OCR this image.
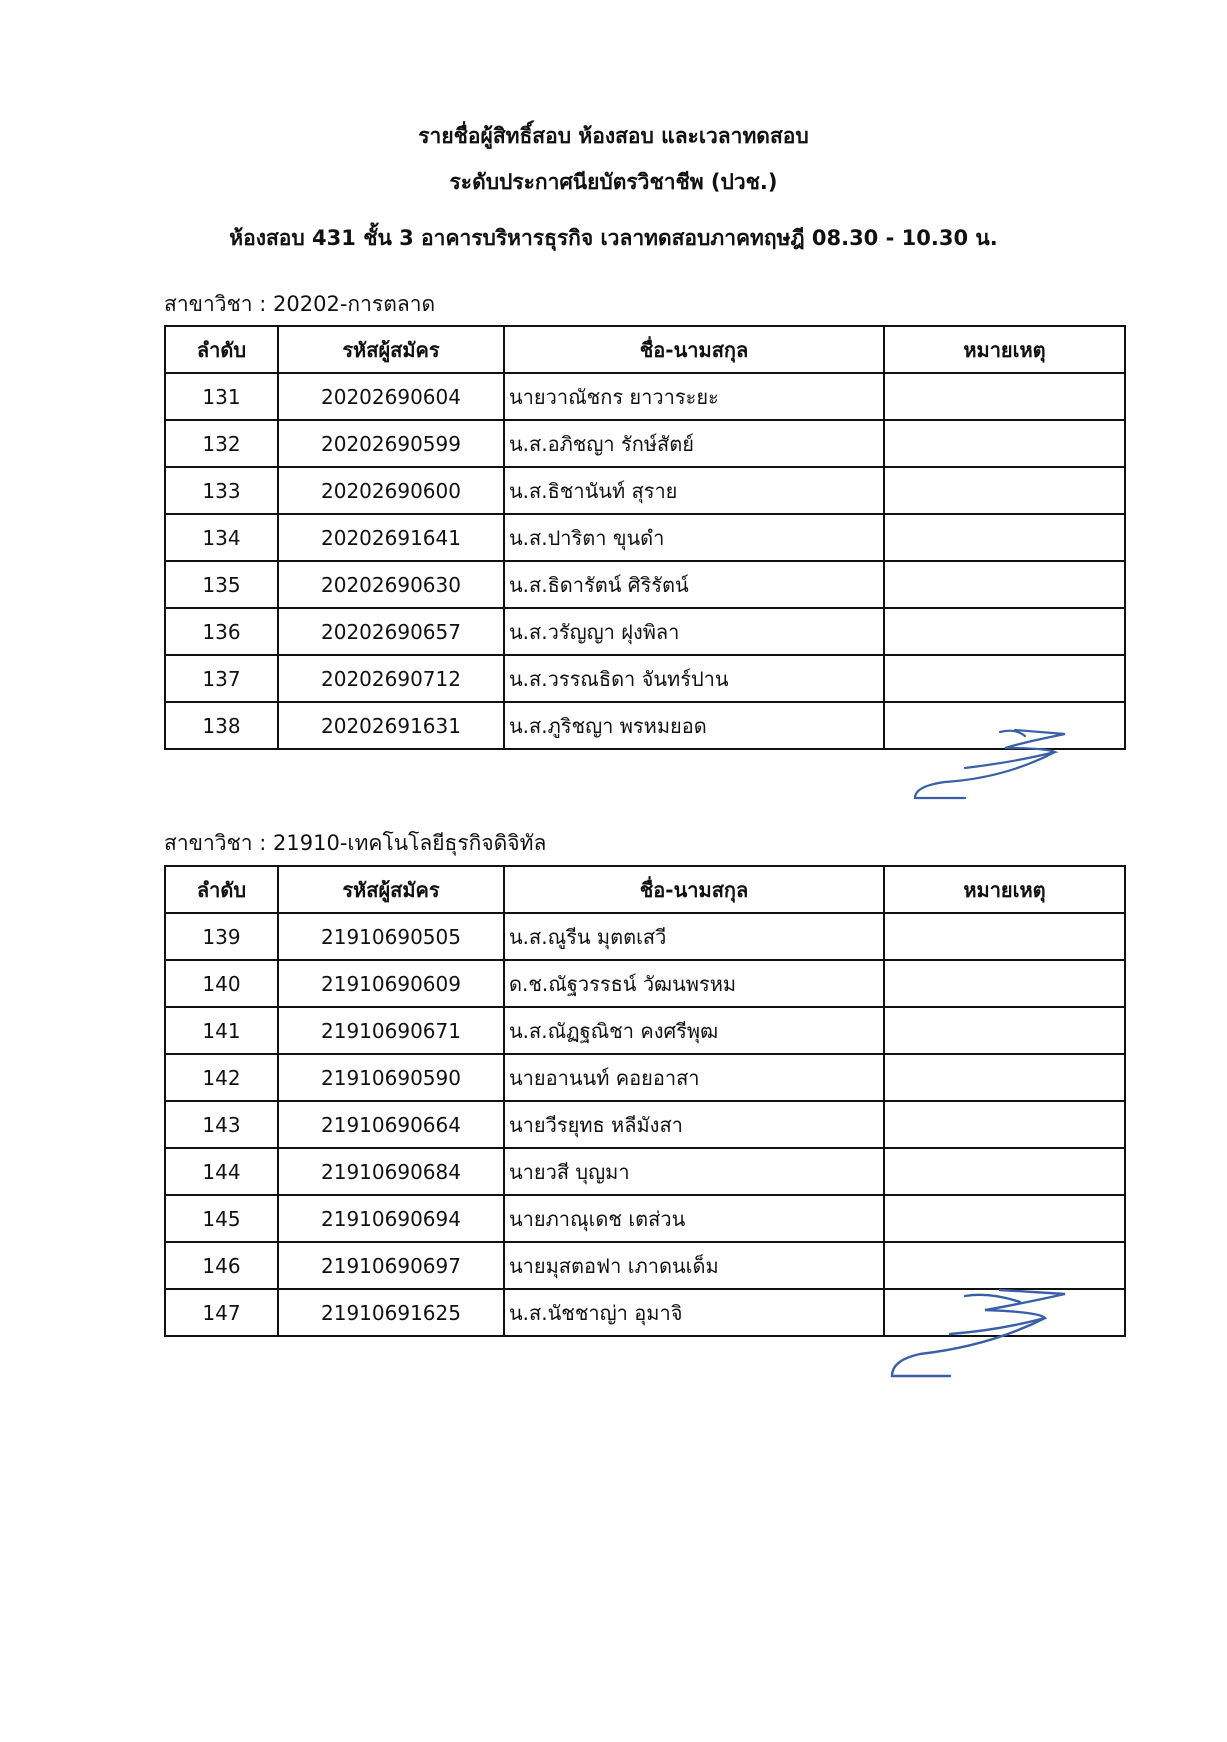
รายชื่อผู้สิทธิ์สอบ ห้องสอบ และเวลาทดสอบ
ระดับประกาศนียบัตรวิชาชีพ (ปวช.)
ห้องสอบ 431 ชั้น 3 อาคารบริหารธุรกิจ เวลาทดสอบภาคทฤษฎี 08.30 - 10.30 น.
สาขาวิชา : 20202-การตลาด
ลำดับ	รหัสผู้สมัคร	ชื่อ-นามสกุล	หมายเหตุ
131	20202690604	นายวาณัชกร ยาวาระยะ	
132	20202690599	น.ส.อภิชญา รักษ์สัตย์	
133	20202690600	น.ส.ธิชานันท์ สุราย	
134	20202691641	น.ส.ปาริตา ขุนดำ	
135	20202690630	น.ส.ธิดารัตน์ ศิริรัตน์	
136	20202690657	น.ส.วรัญญา ฝุงพิลา	
137	20202690712	น.ส.วรรณธิดา จันทร์ปาน	
138	20202691631	น.ส.ภูริชญา พรหมยอด	
สาขาวิชา : 21910-เทคโนโลยีธุรกิจดิจิทัล
ลำดับ	รหัสผู้สมัคร	ชื่อ-นามสกุล	หมายเหตุ
139	21910690505	น.ส.ณูรีน มุตตเสวี	
140	21910690609	ด.ช.ณัฐวรรธน์ วัฒนพรหม	
141	21910690671	น.ส.ณัฏฐณิชา คงศรีพุฒ	
142	21910690590	นายอานนท์ คอยอาสา	
143	21910690664	นายวีรยุทธ หลีมังสา	
144	21910690684	นายวสี บุญมา	
145	21910690694	นายภาณุเดช เตส่วน	
146	21910690697	นายมุสตอฟา เภาดนเด็ม	
147	21910691625	น.ส.นัชชาญ่า อุมาจิ	
